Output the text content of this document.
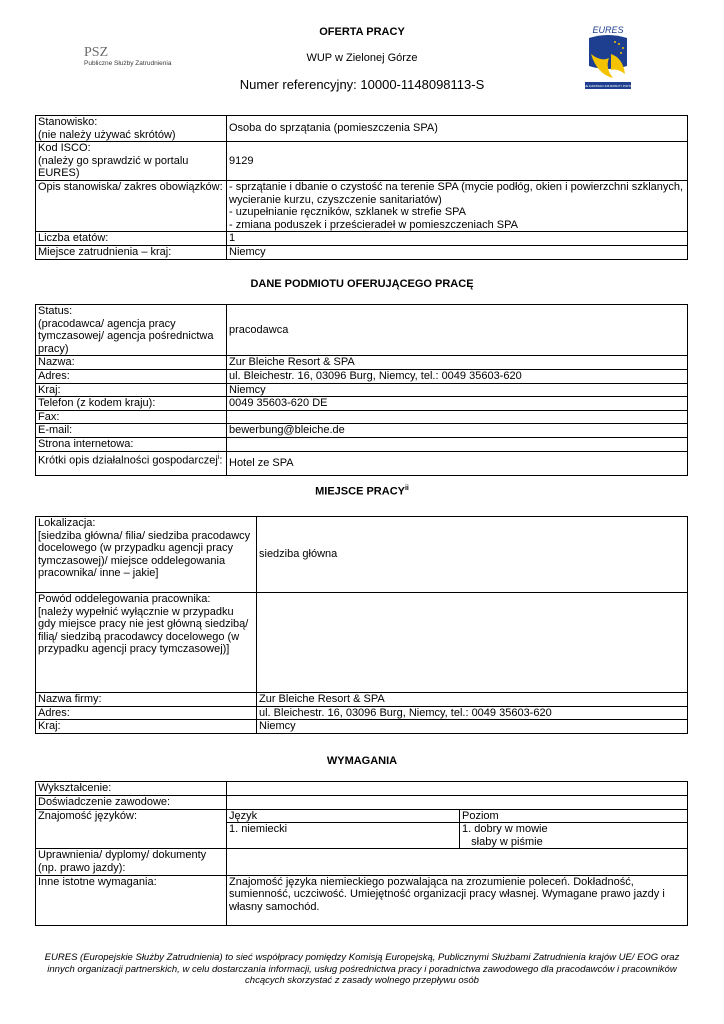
PSZ
Publiczne Służby Zatrudnienia
OFERTA PRACY
WUP w Zielonej Górze
Numer referencyjny: 10000-1148098113-S
EURES
THE EUROPEAN JOB MOBILITY PORTAL
Stanowisko:
(nie należy używać skrótów)	Osoba do sprzątania (pomieszczenia SPA)
Kod ISCO:
(należy go sprawdzić w portalu EURES)	9129
Opis stanowiska/ zakres obowiązków:	- sprzątanie i dbanie o czystość na terenie SPA (mycie podłóg, okien i powierzchni szklanych, wycieranie kurzu, czyszczenie sanitariatów)
- uzupełnianie ręczników, szklanek w strefie SPA
- zmiana poduszek i prześcieradeł w pomieszczeniach SPA
Liczba etatów:	1
Miejsce zatrudnienia – kraj:	Niemcy
DANE PODMIOTU OFERUJĄCEGO PRACĘ
Status:
(pracodawca/ agencja pracy tymczasowej/ agencja pośrednictwa pracy)	pracodawca
Nazwa:	Zur Bleiche Resort & SPA
Adres:	ul. Bleichestr. 16, 03096 Burg, Niemcy, tel.: 0049 35603-620
Kraj:	Niemcy
Telefon (z kodem kraju):	0049 35603-620 DE
Fax:	
E-mail:	bewerbung@bleiche.de
Strona internetowa:	
Krótki opis działalności gospodarczej$^i$:	Hotel ze SPA
MIEJSCE PRACY$^{ii}$
Lokalizacja:
[siedziba główna/ filia/ siedziba pracodawcy docelowego (w przypadku agencji pracy tymczasowej)/ miejsce oddelegowania pracownika/ inne – jakie]	siedziba główna
Powód oddelegowania pracownika:
[należy wypełnić wyłącznie w przypadku gdy miejsce pracy nie jest główną siedzibą/ filią/ siedzibą pracodawcy docelowego (w przypadku agencji pracy tymczasowej)]	
Nazwa firmy:	Zur Bleiche Resort & SPA
Adres:	ul. Bleichestr. 16, 03096 Burg, Niemcy, tel.: 0049 35603-620
Kraj:	Niemcy
WYMAGANIA
Wykształcenie:		
Doświadczenie zawodowe:		
Znajomość języków:	Język	Poziom
	1. niemiecki	1. dobry w mowie
słaby w piśmie
Uprawnienia/ dyplomy/ dokumenty (np. prawo jazdy):		
Inne istotne wymagania:	Znajomość języka niemieckiego pozwalająca na zrozumienie poleceń. Dokładność, sumienność, uczciwość. Umiejętność organizacji pracy własnej. Wymagane prawo jazdy i własny samochód.	
EURES (Europejskie Służby Zatrudnienia) to sieć współpracy pomiędzy Komisją Europejską, Publicznymi Służbami Zatrudnienia krajów UE/ EOG oraz innych organizacji partnerskich, w celu dostarczania informacji, usług pośrednictwa pracy i poradnictwa zawodowego dla pracodawców i pracowników chcących skorzystać z zasady wolnego przepływu osób
